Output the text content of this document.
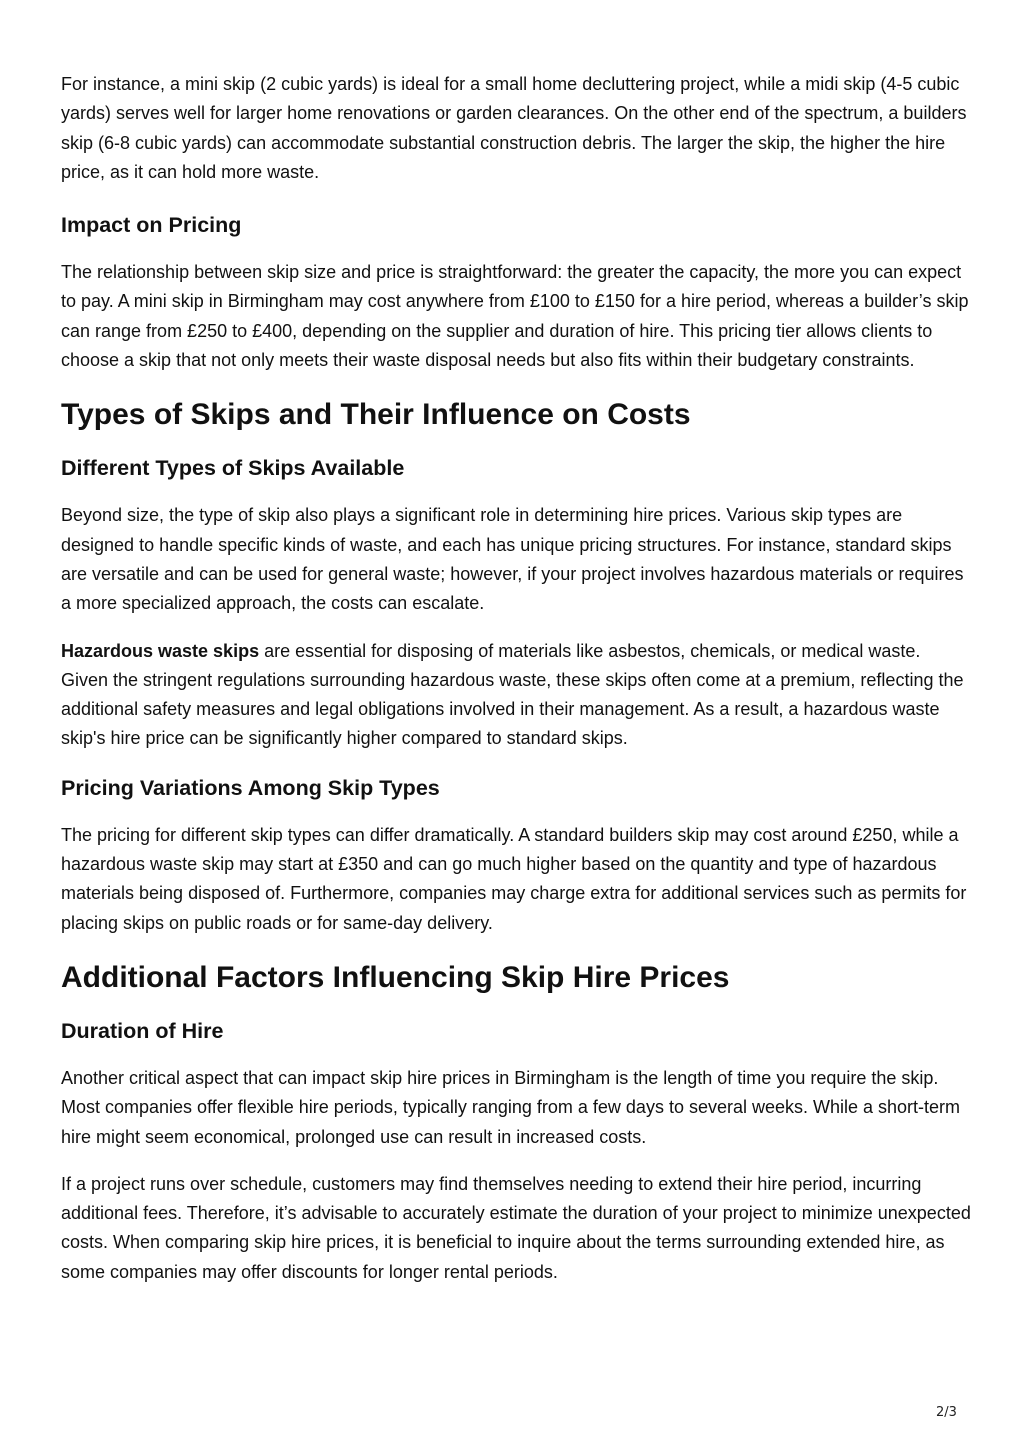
For instance, a mini skip (2 cubic yards) is ideal for a small home decluttering project, while a midi skip (4-5 cubic yards) serves well for larger home renovations or garden clearances. On the other end of the spectrum, a builders skip (6-8 cubic yards) can accommodate substantial construction debris. The larger the skip, the higher the hire price, as it can hold more waste.

Impact on Pricing

The relationship between skip size and price is straightforward: the greater the capacity, the more you can expect to pay. A mini skip in Birmingham may cost anywhere from £100 to £150 for a hire period, whereas a builder’s skip can range from £250 to £400, depending on the supplier and duration of hire. This pricing tier allows clients to choose a skip that not only meets their waste disposal needs but also fits within their budgetary constraints.

Types of Skips and Their Influence on Costs
Different Types of Skips Available

Beyond size, the type of skip also plays a significant role in determining hire prices. Various skip types are designed to handle specific kinds of waste, and each has unique pricing structures. For instance, standard skips are versatile and can be used for general waste; however, if your project involves hazardous materials or requires a more specialized approach, the costs can escalate.

Hazardous waste skips are essential for disposing of materials like asbestos, chemicals, or medical waste. Given the stringent regulations surrounding hazardous waste, these skips often come at a premium, reflecting the additional safety measures and legal obligations involved in their management. As a result, a hazardous waste skip's hire price can be significantly higher compared to standard skips.

Pricing Variations Among Skip Types

The pricing for different skip types can differ dramatically. A standard builders skip may cost around £250, while a hazardous waste skip may start at £350 and can go much higher based on the quantity and type of hazardous materials being disposed of. Furthermore, companies may charge extra for additional services such as permits for placing skips on public roads or for same-day delivery.

Additional Factors Influencing Skip Hire Prices
Duration of Hire

Another critical aspect that can impact skip hire prices in Birmingham is the length of time you require the skip. Most companies offer flexible hire periods, typically ranging from a few days to several weeks. While a short-term hire might seem economical, prolonged use can result in increased costs.

If a project runs over schedule, customers may find themselves needing to extend their hire period, incurring additional fees. Therefore, it’s advisable to accurately estimate the duration of your project to minimize unexpected costs. When comparing skip hire prices, it is beneficial to inquire about the terms surrounding extended hire, as some companies may offer discounts for longer rental periods.

2/3
